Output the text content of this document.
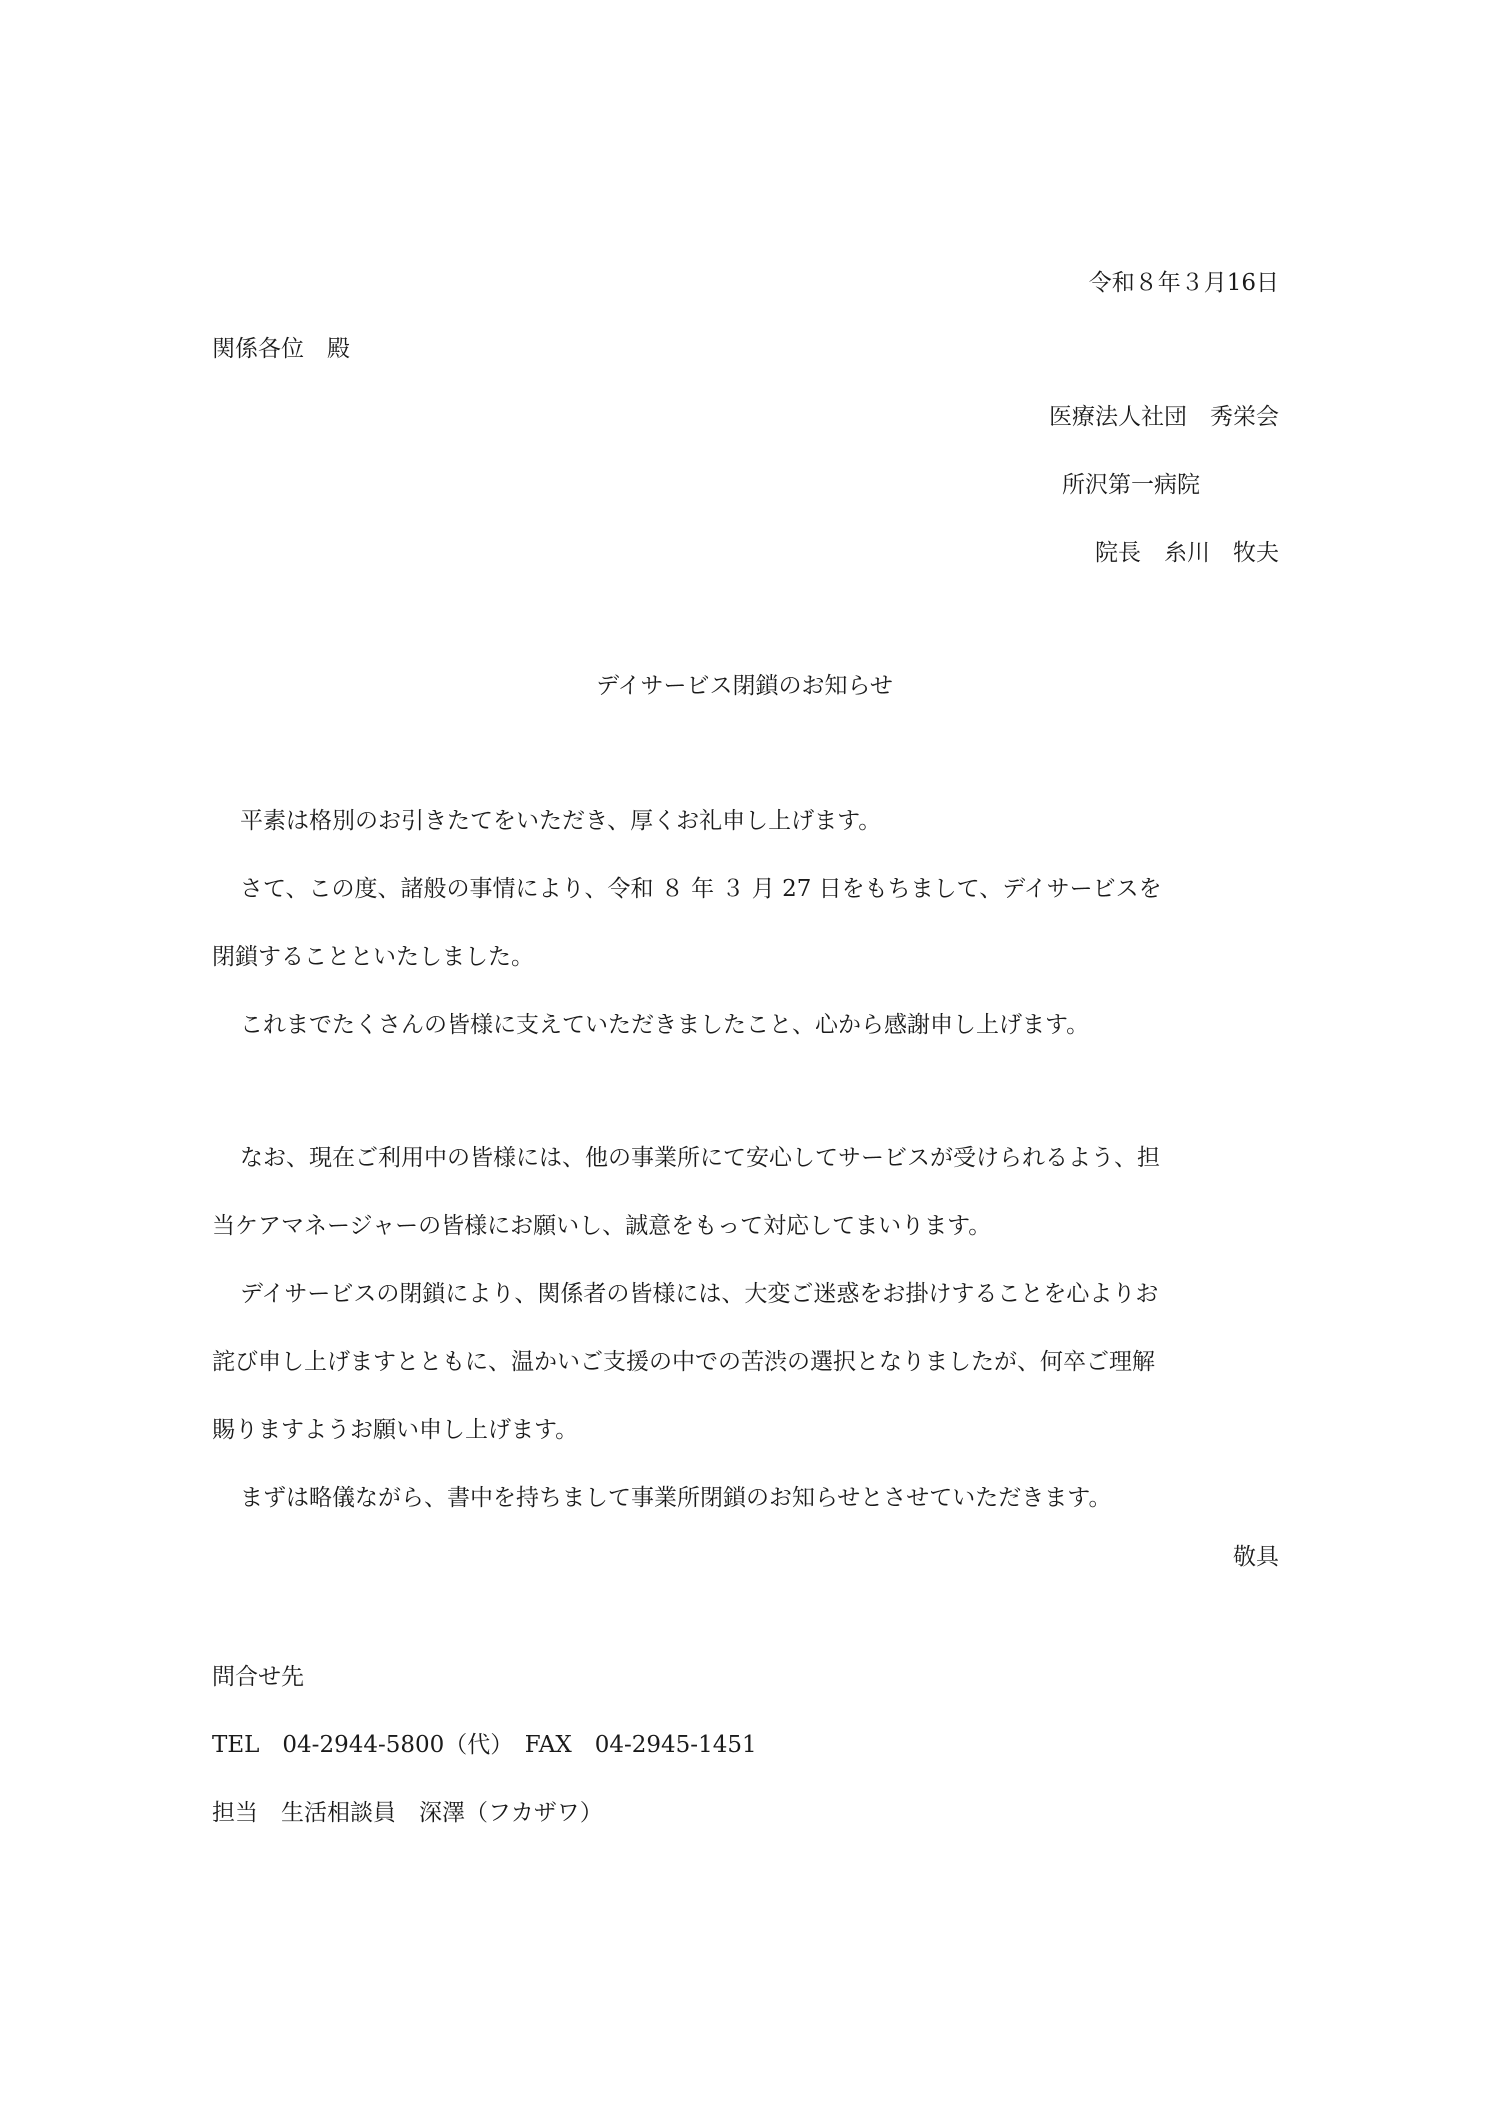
令和８年３月16日
関係各位　殿
医療法人社団　秀栄会
所沢第一病院
院長　糸川　牧夫
デイサービス閉鎖のお知らせ
平素は格別のお引きたてをいただき、厚くお礼申し上げます。
さて、この度、諸般の事情により、令和 ８ 年 ３ 月 27 日をもちまして、デイサービスを
閉鎖することといたしました。
これまでたくさんの皆様に支えていただきましたこと、心から感謝申し上げます。
なお、現在ご利用中の皆様には、他の事業所にて安心してサービスが受けられるよう、担
当ケアマネージャーの皆様にお願いし、誠意をもって対応してまいります。
デイサービスの閉鎖により、関係者の皆様には、大変ご迷惑をお掛けすることを心よりお
詫び申し上げますとともに、温かいご支援の中での苦渋の選択となりましたが、何卒ご理解
賜りますようお願い申し上げます。
まずは略儀ながら、書中を持ちまして事業所閉鎖のお知らせとさせていただきます。
敬具
問合せ先
TEL　04-2944-5800（代）　FAX　04-2945-1451
担当　生活相談員　深澤（フカザワ）
